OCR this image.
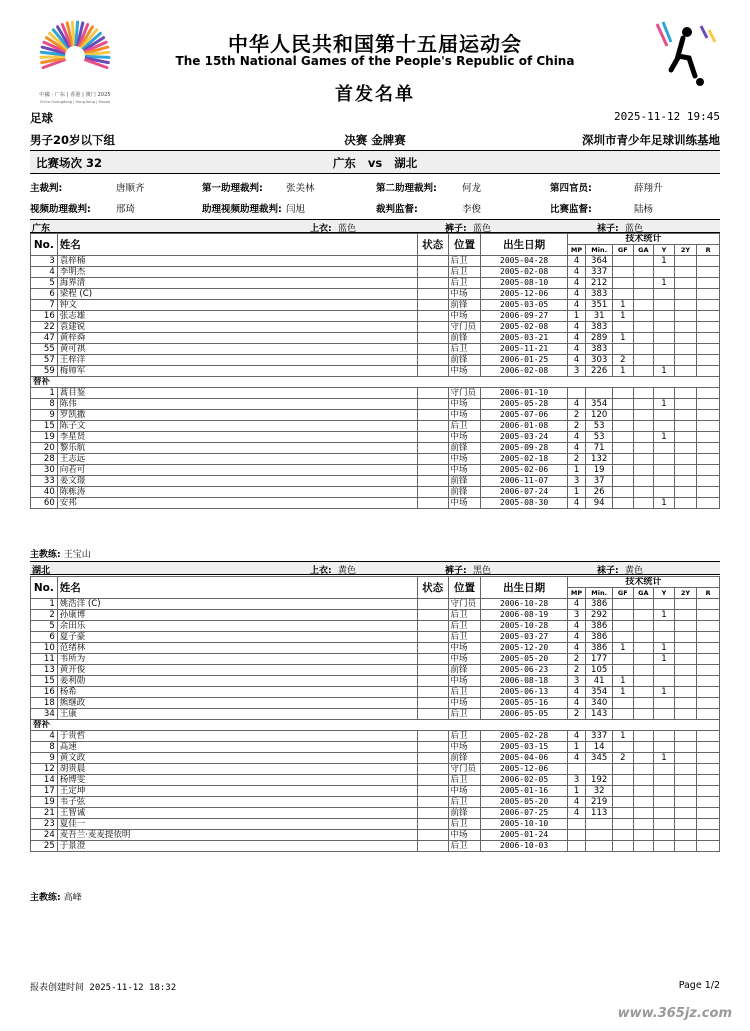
中國 · 广东 | 香港 | 澳门 2025
China Guangdong | Hong Kong | Macao
中华人民共和国第十五届运动会
The 15th National Games of the People's Republic of China
首发名单
足球	2025-11-12 19:45
男子20岁以下组	决赛 金牌赛	深圳市青少年足球训练基地
比赛场次 32	广东 vs 湖北
主裁判:	唐顺齐	第一助理裁判: 张美林	第二助理裁判:	何龙	第四官员:	薛翔升
视频助理裁判:	邢琦	助理视频助理裁判: 闫旭	裁判监督:	李俊	比赛监督:	陆杨
广东	上衣: 蓝色	裤子: 蓝色	袜子: 蓝色
No.	姓名	状态	位置	出生日期	技术统计						
					MP	Min.	GF	GA	Y	2Y	R
3	袁梓楠		后卫	2005-04-28	4	364			1		
4	李明杰		后卫	2005-02-08	4	337					
5	海界清		后卫	2005-08-10	4	212			1		
6	梁程 (C)		中场	2005-12-06	4	383					
7	钟文		前锋	2005-03-05	4	351	1				
16	张志雄		中场	2006-09-27	1	31	1				
22	袁建锐		守门员	2005-02-08	4	383					
47	黄梓舜		前锋	2005-03-21	4	289	1				
55	黄可祺		后卫	2005-11-21	4	383					
57	王梓洋		前锋	2006-01-25	4	303	2				
59	梅帅军		中场	2006-02-08	3	226	1		1		
替补											
1	蒿目鉴		守门员	2006-01-10							
8	陈伟		中场	2005-05-28	4	354			1		
9	罗凯撒		中场	2005-07-06	2	120					
15	陈子文		后卫	2006-01-08	2	53					
19	李星贤		中场	2005-03-24	4	53			1		
20	黎乐航		前锋	2005-09-28	4	71					
28	王志远		中场	2005-02-18	2	132					
30	向若可		中场	2005-02-06	1	19					
33	姜文璟		前锋	2006-11-07	3	37					
40	陈栋涛		前锋	2006-07-24	1	26					
60	安邦		中场	2005-08-30	4	94			1		
主教练: 王宝山
湖北	上衣: 黄色	裤子: 黑色	袜子: 黄色
No.	姓名	状态	位置	出生日期	技术统计						
					MP	Min.	GF	GA	Y	2Y	R
1	姚浩洋 (C)		守门员	2006-10-28	4	386					
2	孙康博		后卫	2006-08-19	3	292			1		
5	余田乐		后卫	2005-10-28	4	386					
6	夏子豪		后卫	2005-03-27	4	386					
10	范绪林		中场	2005-12-20	4	386	1		1		
11	韦所为		中场	2005-05-20	2	177			1		
13	黄开俊		前锋	2005-06-23	2	105					
15	姜利勋		中场	2006-08-18	3	41	1				
16	杨希		后卫	2005-06-13	4	354	1		1		
18	熊继政		中场	2005-05-16	4	340					
34	王康		后卫	2006-05-05	2	143					
替补											
4	于贵哲		后卫	2005-02-28	4	337	1				
8	高速		中场	2005-03-15	1	14					
9	黄文政		前锋	2005-04-06	4	345	2		1		
12	胡贵晨		守门员	2005-12-06							
14	杨博雯		后卫	2006-02-05	3	192					
17	王定坤		中场	2005-01-16	1	32					
19	韦子弦		后卫	2005-05-20	4	219					
21	王智诚		前锋	2006-07-25	4	113					
23	夏佳一		后卫	2005-10-10							
24	麦吾兰·麦麦提依明		中场	2005-01-24							
25	于景澄		后卫	2006-10-03							
主教练: 高峰
报表创建时间 2025-11-12 18:32	Page 1/2
www.365jz.com
